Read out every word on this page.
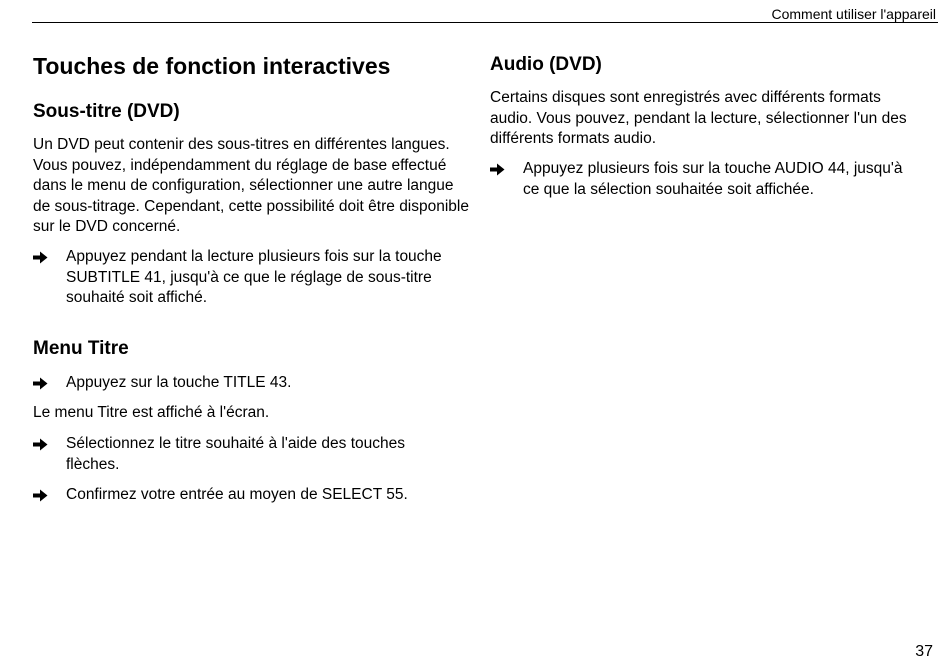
Comment utiliser l'appareil
Touches de fonction interactives
Sous-titre (DVD)

Un DVD peut contenir des sous-titres en différentes langues. Vous pouvez, indépendamment du réglage de base effectué dans le menu de configuration, sélectionner une autre langue de sous-titrage. Cependant, cette possibilité doit être disponible sur le DVD concerné.

Appuyez pendant la lecture plusieurs fois sur la touche SUBTITLE 41, jusqu'à ce que le réglage de sous-titre souhaité soit affiché.
Menu Titre
Appuyez sur la touche TITLE 43.

Le menu Titre est affiché à l'écran.

Sélectionnez le titre souhaité à l'aide des touches flèches.
Confirmez votre entrée au moyen de SELECT 55.
Audio (DVD)

Certains disques sont enregistrés avec différents formats audio. Vous pouvez, pendant la lecture, sélectionner l'un des différents formats audio.

Appuyez plusieurs fois sur la touche AUDIO 44, jusqu'à ce que la sélection souhaitée soit affichée.
37
